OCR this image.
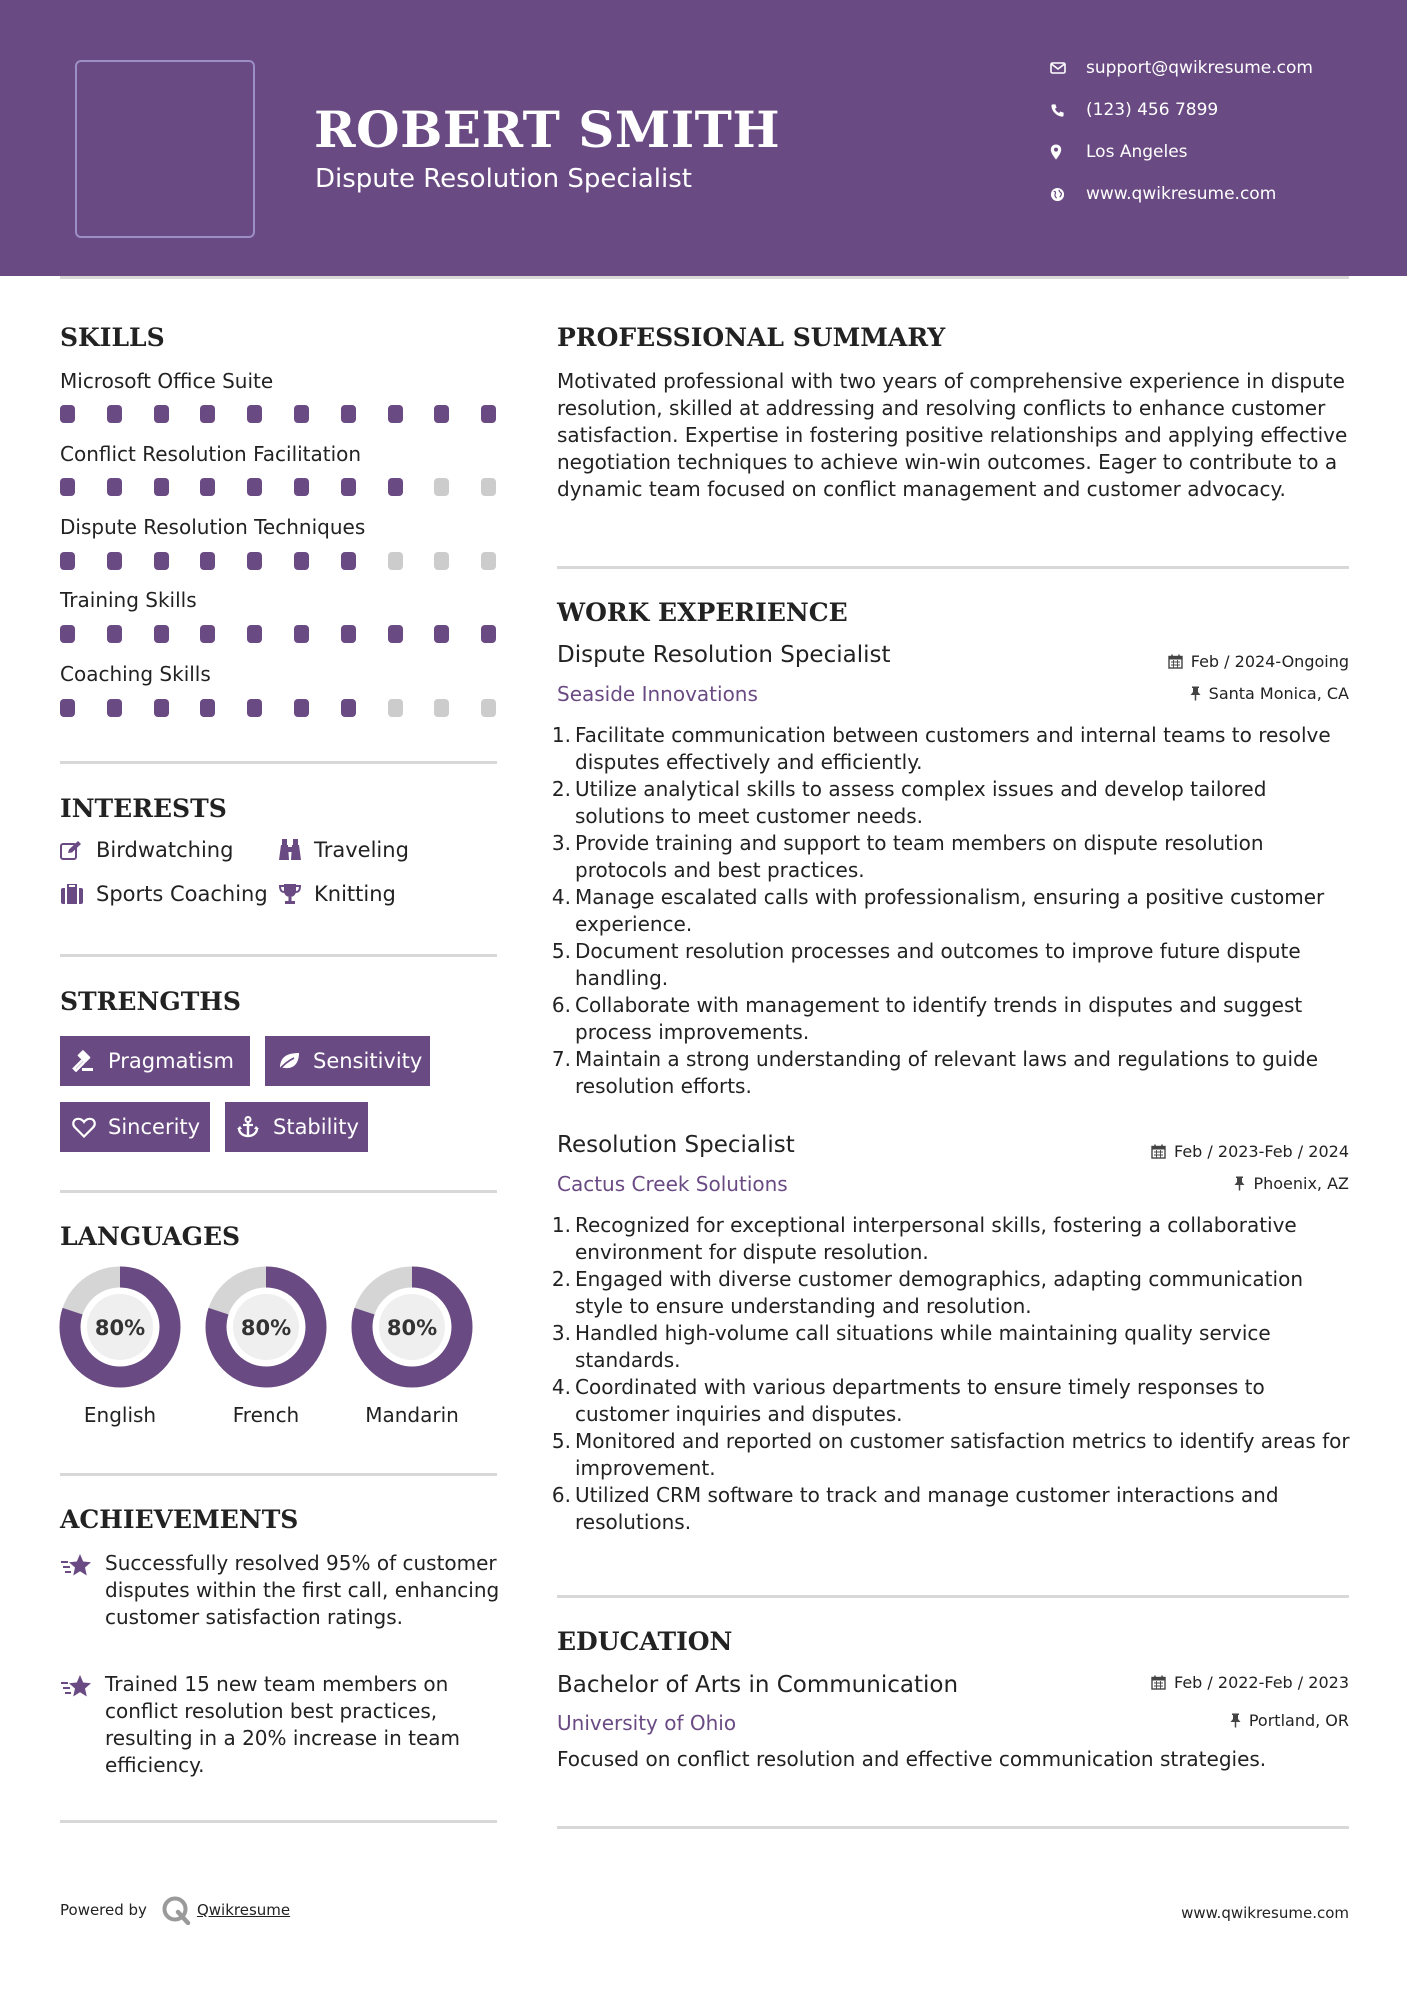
ROBERT SMITH
Dispute Resolution Specialist
support@qwikresume.com
(123) 456 7899
Los Angeles
www.qwikresume.com
SKILLS
Microsoft Office Suite
Conflict Resolution Facilitation
Dispute Resolution Techniques
Training Skills
Coaching Skills
INTERESTS
Birdwatching	Traveling
Sports Coaching Knitting
STRENGTHS
Pragmatism	Sensitivity
Sincerity	Stability
LANGUAGES
80%	80%	80%
English	French	Mandarin
ACHIEVEMENTS

Successfully resolved 95% of customer disputes within the first call, enhancing customer satisfaction ratings.

Trained 15 new team members on conflict resolution best practices, resulting in a 20% increase in team efficiency.

PROFESSIONAL SUMMARY
Motivated professional with two years of comprehensive experience in dispute resolution, skilled at addressing and resolving conflicts to enhance customer satisfaction. Expertise in fostering positive relationships and applying effective negotiation techniques to achieve win-win outcomes. Eager to contribute to a dynamic team focused on conflict management and customer advocacy.
WORK EXPERIENCE
Dispute Resolution Specialist	Feb / 2024-Ongoing
Seaside Innovations	Santa Monica, CA
1. Facilitate communication between customers and internal teams to resolve disputes effectively and efficiently.
2. Utilize analytical skills to assess complex issues and develop tailored solutions to meet customer needs.
3. Provide training and support to team members on dispute resolution protocols and best practices.
4. Manage escalated calls with professionalism, ensuring a positive customer experience.
5. Document resolution processes and outcomes to improve future dispute handling.
6. Collaborate with management to identify trends in disputes and suggest process improvements.
7. Maintain a strong understanding of relevant laws and regulations to guide resolution efforts.
Resolution Specialist	Feb / 2023-Feb / 2024
Cactus Creek Solutions	Phoenix, AZ
1. Recognized for exceptional interpersonal skills, fostering a collaborative environment for dispute resolution.
2. Engaged with diverse customer demographics, adapting communication style to ensure understanding and resolution.
3. Handled high-volume call situations while maintaining quality service standards.
4. Coordinated with various departments to ensure timely responses to customer inquiries and disputes.
5. Monitored and reported on customer satisfaction metrics to identify areas for improvement.
6. Utilized CRM software to track and manage customer interactions and resolutions.
EDUCATION
Bachelor of Arts in Communication	Feb / 2022-Feb / 2023
University of Ohio	Portland, OR
Focused on conflict resolution and effective communication strategies.
Powered by	Qwikresume	www.qwikresume.com
